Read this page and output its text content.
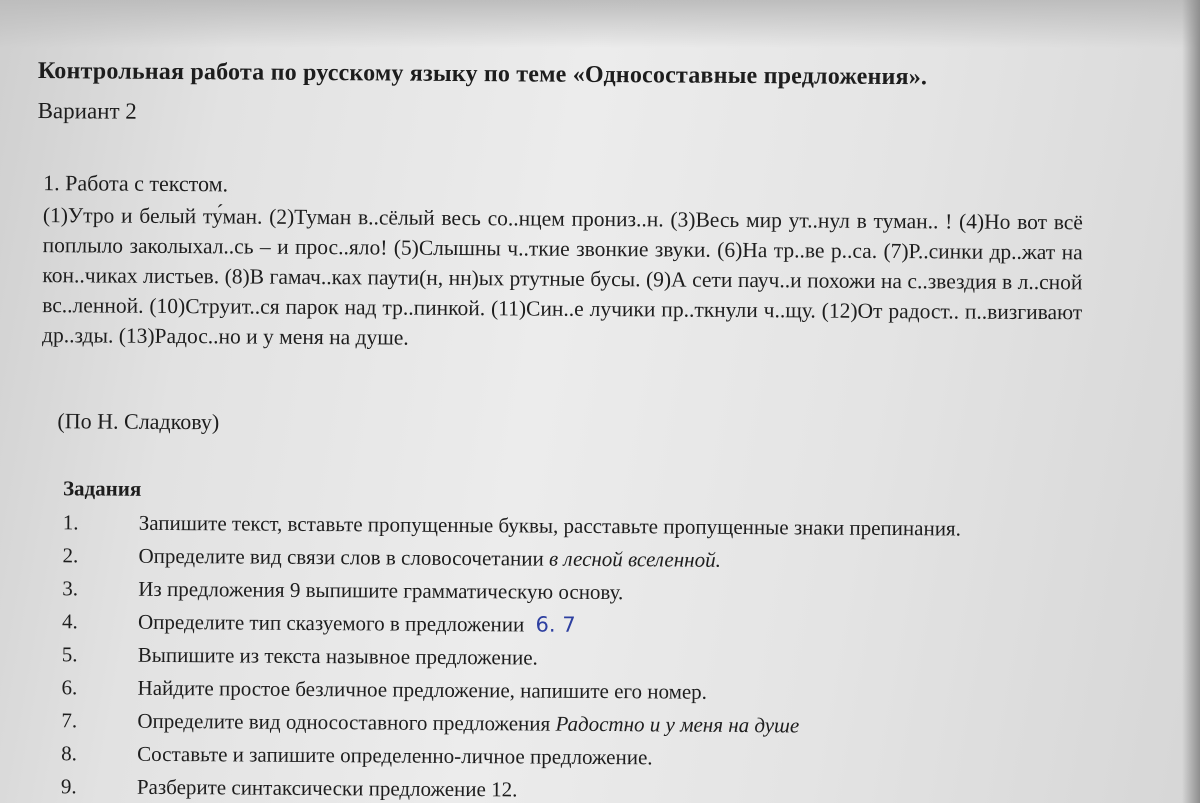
Контрольная работа по русскому языку по теме «Односоставные предложения».

Вариант 2

1. Работа с текстом.

(1)Утро и белый ту́ман. (2)Туман в..сёлый весь со..нцем прониз..н. (3)Весь мир ут..нул в туман.. ! (4)Но вот всё поплыло заколыхал..сь – и прос..яло! (5)Слышны ч..ткие звонкие звуки. (6)На тр..ве р..са. (7)Р..синки др..жат на кон..чиках листьев. (8)В гамач..ках паути(н, нн)ых ртутные бусы. (9)А сети пауч..и похожи на с..звездия в л..сной вс..ленной. (10)Струит..ся парок над тр..пинкой. (11)Син..е лучики пр..ткнули ч..щу. (12)От радост.. п..визгивают др..зды. (13)Радос..но и у меня на душе.

(По Н. Сладкову)

Задания

1.	Запишите текст, вставьте пропущенные буквы, расставьте пропущенные знаки препинания.
2.	Определите вид связи слов в словосочетании в лесной вселенной.
3.	Из предложения 9 выпишите грамматическую основу.
4.	Определите тип сказуемого в предложении 6. 7
5.	Выпишите из текста назывное предложение.
6.	Найдите простое безличное предложение, напишите его номер.
7.	Определите вид односоставного предложения Радостно и у меня на душе
8.	Составьте и запишите определенно-личное предложение.
9.	Разберите синтаксически предложение 12.
